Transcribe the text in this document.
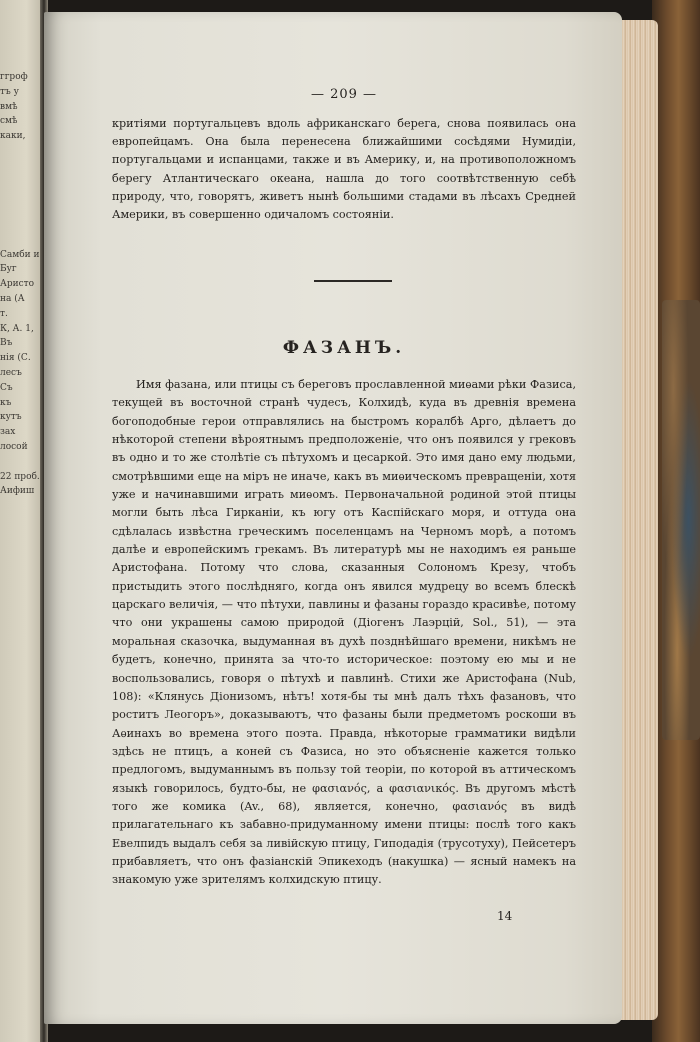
ггроф
тъ у
вмѣ
смѣ
каки,

Самби и
Буг
Аристо
на (А
т.
К, А. 1,
Въ
нія (С.
лесъ
Съ
къ
кутъ
зах
лосой

22 проб.
Аифиш

— 209 —
критіями португальцевъ вдоль африканскаго берега, снова появилась она европейцамъ. Она была перенесена ближайшими сосѣдями Нумидіи, португальцами и испанцами, также и въ Америку, и, на противоположномъ берегу Атлантическаго океана, нашла до того соотвѣтственную себѣ природу, что, говорятъ, живетъ нынѣ большими стадами въ лѣсахъ Средней Америки, въ совершенно одичаломъ состояніи.
ФАЗАНЪ.
Имя фазана, или птицы съ береговъ прославленной миѳами рѣки Фазиса, текущей въ восточной странѣ чудесъ, Колхидѣ, куда въ древнія времена богоподобные герои отправлялись на быстромъ коралбѣ Арго, дѣлаетъ до нѣкоторой степени вѣроятнымъ предположеніе, что онъ появился у грековъ въ одно и то же столѣтіе съ пѣтухомъ и цесаркой. Это имя дано ему людьми, смотрѣвшими еще на міръ не иначе, какъ въ миѳическомъ превращеніи, хотя уже и начинавшими играть миѳомъ. Первоначальной родиной этой птицы могли быть лѣса Гирканіи, къ югу отъ Каспійскаго моря, и оттуда она сдѣлалась извѣстна греческимъ поселенцамъ на Черномъ морѣ, а потомъ далѣе и европейскимъ грекамъ. Въ литературѣ мы не находимъ ея раньше Аристофана. Потому что слова, сказанныя Солономъ Крезу, чтобъ пристыдить этого послѣдняго, когда онъ явился мудрецу во всемъ блескѣ царскаго величія, — что пѣтухи, павлины и фазаны гораздо красивѣе, потому что они украшены самою природой (Діогенъ Лаэрцій, Sol., 51), — эта моральная сказочка, выдуманная въ духѣ позднѣйшаго времени, никѣмъ не будетъ, конечно, принята за что-то историческое: поэтому ею мы и не воспользовались, говоря о пѣтухѣ и павлинѣ. Стихи же Аристофана (Nub, 108): «Клянусь Діонизомъ, нѣтъ! хотя-бы ты мнѣ далъ тѣхъ фазановъ, что роститъ Леогоръ», доказываютъ, что фазаны были предметомъ роскоши въ Аѳинахъ во времена этого поэта. Правда, нѣкоторые грамматики видѣли здѣсь не птицъ, а коней съ Фазиса, но это объясненіе кажется только предлогомъ, выдуманнымъ въ пользу той теоріи, по которой въ аттическомъ языкѣ говорилось, будто-бы, не φασιανός, а φασιανικός. Въ другомъ мѣстѣ того же комика (Av., 68), является, конечно, φασιανός въ видѣ прилагательнаго къ забавно-придуманному имени птицы: послѣ того какъ Евелпидъ выдалъ себя за ливійскую птицу, Гиподадія (трусотуху), Пейсетеръ прибавляетъ, что онъ фазіанскій Эпикеходъ (накушка) — ясный намекъ на знакомую уже зрителямъ колхидскую птицу.
14
